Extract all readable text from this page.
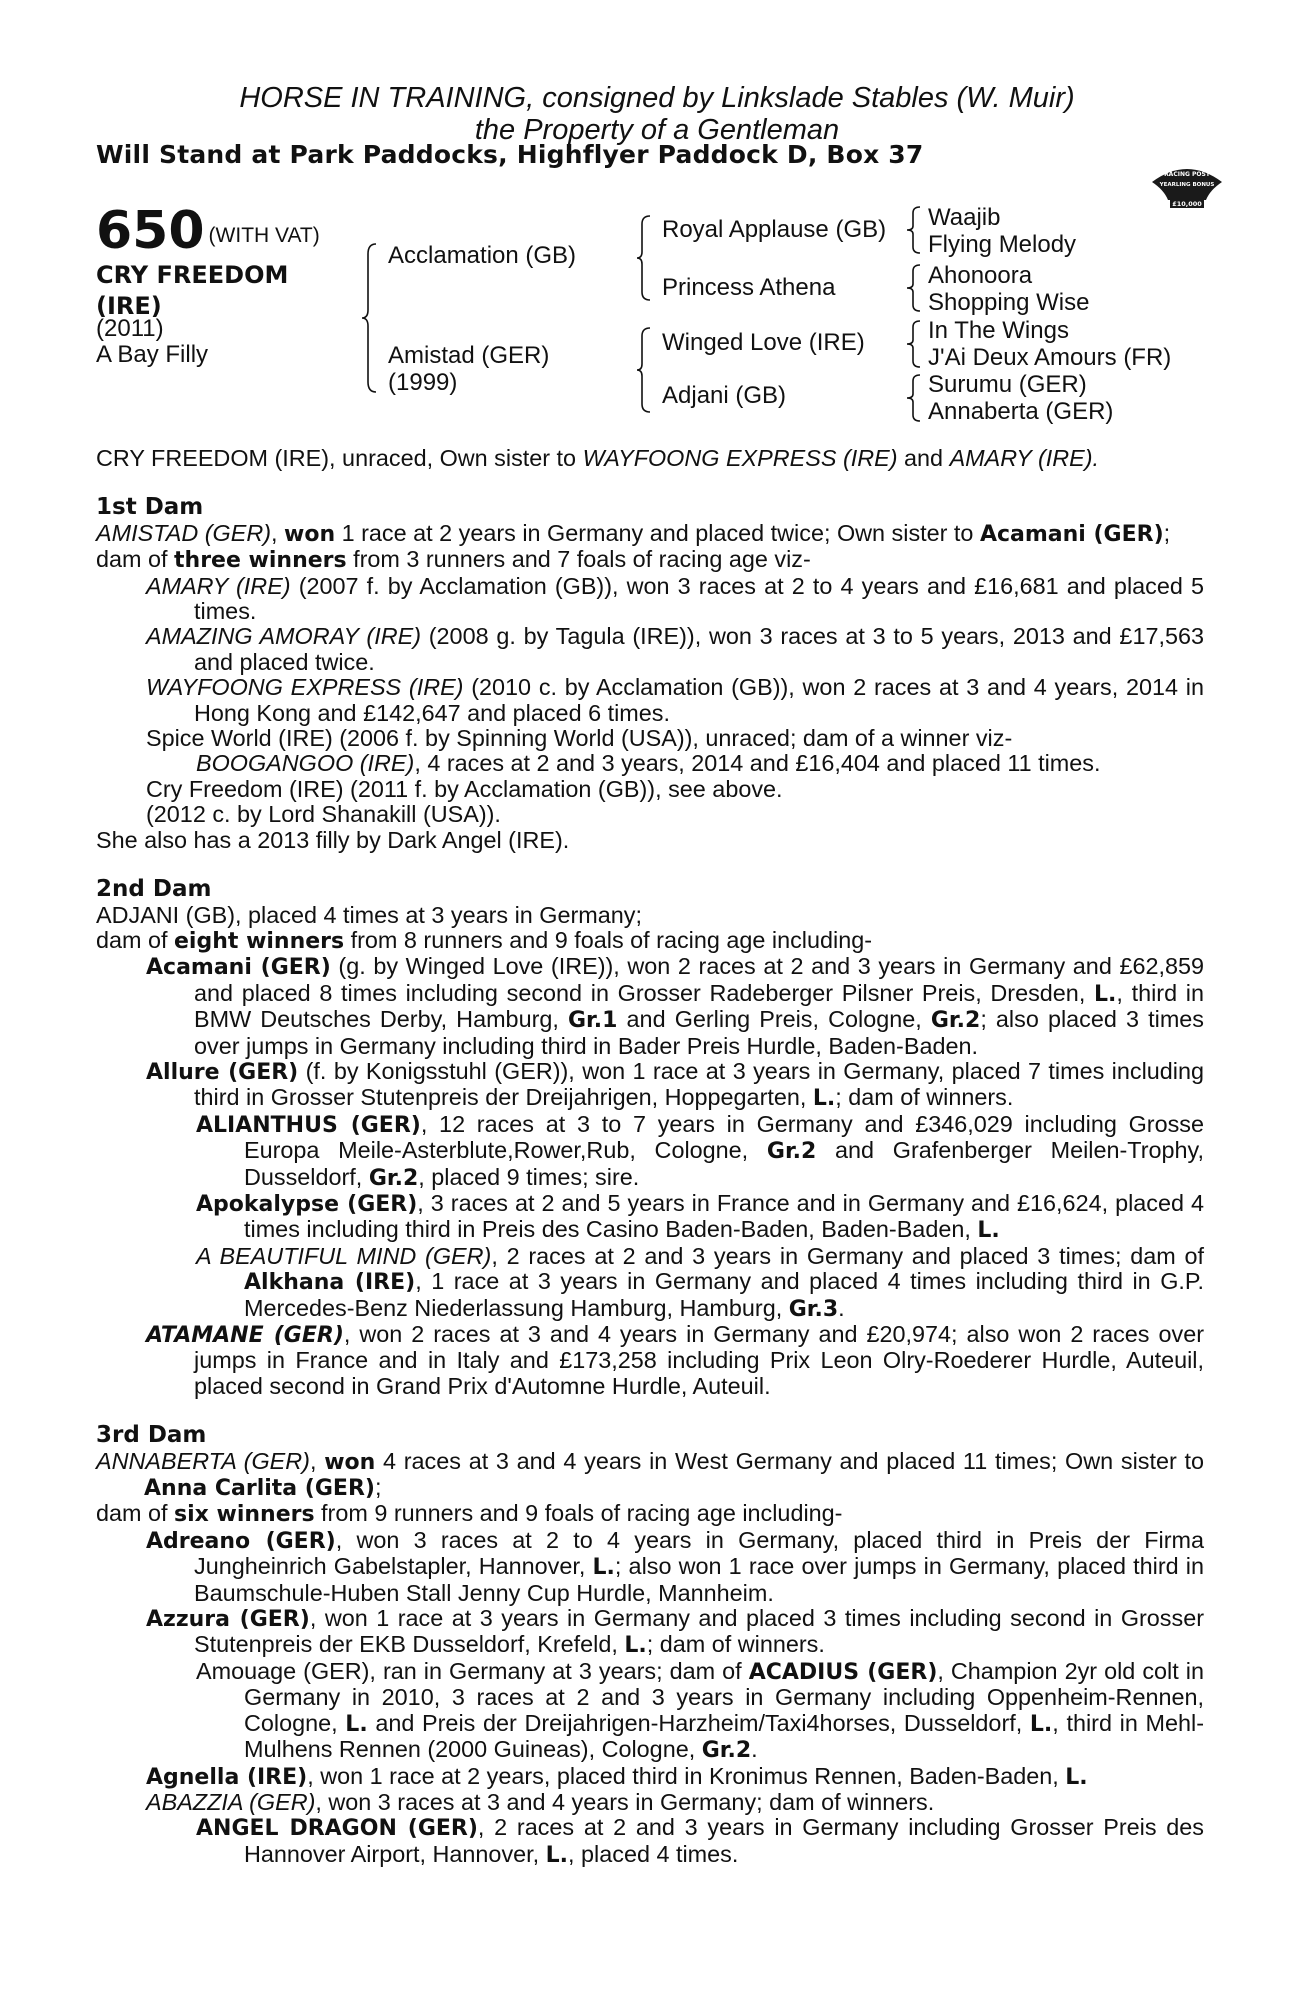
HORSE IN TRAINING, consigned by Linkslade Stables (W. Muir)
the Property of a Gentleman
Will Stand at Park Paddocks, Highflyer Paddock D, Box 37
RACING POST
YEARLING BONUS
£10,000
650 (WITH VAT)
CRY FREEDOM
(IRE)
(2011)
A Bay Filly
Acclamation (GB)
Amistad (GER)
(1999)
Royal Applause (GB)
Princess Athena
Winged Love (IRE)
Adjani (GB)
Waajib
Flying Melody
Ahonoora
Shopping Wise
In The Wings
J'Ai Deux Amours (FR)
Surumu (GER)
Annaberta (GER)

CRY FREEDOM (IRE), unraced, Own sister to WAYFOONG EXPRESS (IRE) and AMARY (IRE).

1st Dam

AMISTAD (GER), won 1 race at 2 years in Germany and placed twice; Own sister to Acamani (GER);

dam of three winners from 3 runners and 7 foals of racing age viz-

AMARY (IRE) (2007 f. by Acclamation (GB)), won 3 races at 2 to 4 years and £16,681 and placed 5 times.

AMAZING AMORAY (IRE) (2008 g. by Tagula (IRE)), won 3 races at 3 to 5 years, 2013 and £17,563 and placed twice.

WAYFOONG EXPRESS (IRE) (2010 c. by Acclamation (GB)), won 2 races at 3 and 4 years, 2014 in Hong Kong and £142,647 and placed 6 times.

Spice World (IRE) (2006 f. by Spinning World (USA)), unraced; dam of a winner viz-

BOOGANGOO (IRE), 4 races at 2 and 3 years, 2014 and £16,404 and placed 11 times.

Cry Freedom (IRE) (2011 f. by Acclamation (GB)), see above.

(2012 c. by Lord Shanakill (USA)).

She also has a 2013 filly by Dark Angel (IRE).

2nd Dam

ADJANI (GB), placed 4 times at 3 years in Germany;

dam of eight winners from 8 runners and 9 foals of racing age including-

Acamani (GER) (g. by Winged Love (IRE)), won 2 races at 2 and 3 years in Germany and £62,859 and placed 8 times including second in Grosser Radeberger Pilsner Preis, Dresden, L., third in BMW Deutsches Derby, Hamburg, Gr.1 and Gerling Preis, Cologne, Gr.2; also placed 3 times over jumps in Germany including third in Bader Preis Hurdle, Baden-Baden.

Allure (GER) (f. by Konigsstuhl (GER)), won 1 race at 3 years in Germany, placed 7 times including third in Grosser Stutenpreis der Dreijahrigen, Hoppegarten, L.; dam of winners.

ALIANTHUS (GER), 12 races at 3 to 7 years in Germany and £346,029 including Grosse Europa Meile-Asterblute,Rower,Rub, Cologne, Gr.2 and Grafenberger Meilen-Trophy, Dusseldorf, Gr.2, placed 9 times; sire.

Apokalypse (GER), 3 races at 2 and 5 years in France and in Germany and £16,624, placed 4 times including third in Preis des Casino Baden-Baden, Baden-Baden, L.

A BEAUTIFUL MIND (GER), 2 races at 2 and 3 years in Germany and placed 3 times; dam of Alkhana (IRE), 1 race at 3 years in Germany and placed 4 times including third in G.P. Mercedes-Benz Niederlassung Hamburg, Hamburg, Gr.3.

ATAMANE (GER), won 2 races at 3 and 4 years in Germany and £20,974; also won 2 races over jumps in France and in Italy and £173,258 including Prix Leon Olry-Roederer Hurdle, Auteuil, placed second in Grand Prix d'Automne Hurdle, Auteuil.

3rd Dam

ANNABERTA (GER), won 4 races at 3 and 4 years in West Germany and placed 11 times; Own sister to Anna Carlita (GER);

dam of six winners from 9 runners and 9 foals of racing age including-

Adreano (GER), won 3 races at 2 to 4 years in Germany, placed third in Preis der Firma Jungheinrich Gabelstapler, Hannover, L.; also won 1 race over jumps in Germany, placed third in Baumschule-Huben Stall Jenny Cup Hurdle, Mannheim.

Azzura (GER), won 1 race at 3 years in Germany and placed 3 times including second in Grosser Stutenpreis der EKB Dusseldorf, Krefeld, L.; dam of winners.

Amouage (GER), ran in Germany at 3 years; dam of ACADIUS (GER), Champion 2yr old colt in Germany in 2010, 3 races at 2 and 3 years in Germany including Oppenheim-Rennen, Cologne, L. and Preis der Dreijahrigen-Harzheim/Taxi4horses, Dusseldorf, L., third in Mehl-Mulhens Rennen (2000 Guineas), Cologne, Gr.2.

Agnella (IRE), won 1 race at 2 years, placed third in Kronimus Rennen, Baden-Baden, L.

ABAZZIA (GER), won 3 races at 3 and 4 years in Germany; dam of winners.

ANGEL DRAGON (GER), 2 races at 2 and 3 years in Germany including Grosser Preis des Hannover Airport, Hannover, L., placed 4 times.
